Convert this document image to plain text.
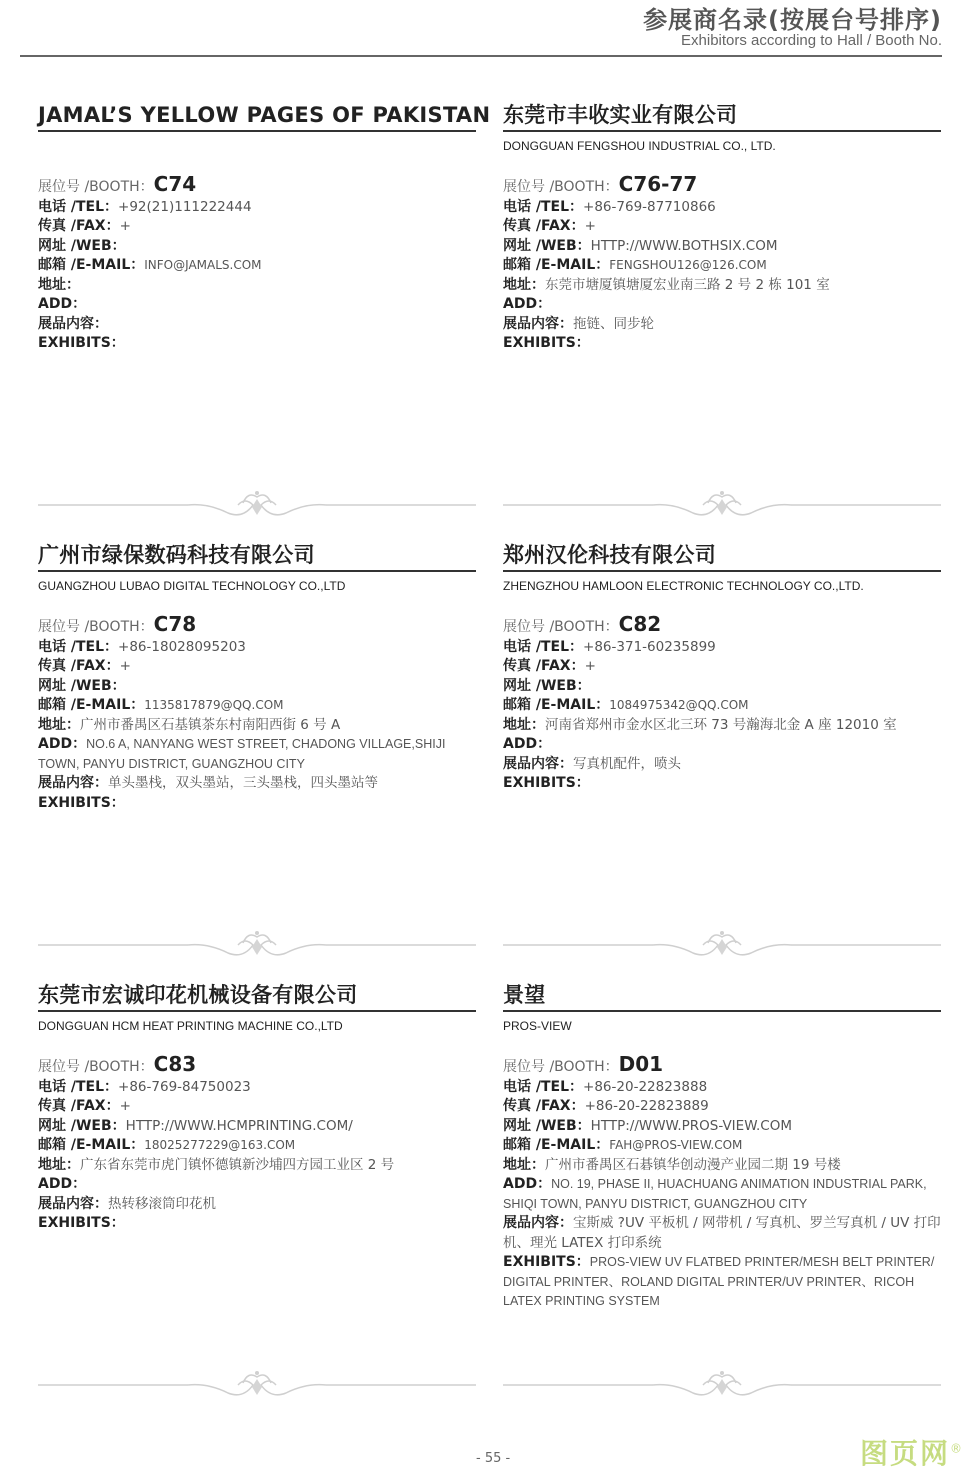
参展商名录(按展台号排序)
Exhibitors according to Hall / Booth No.
JAMAL’S YELLOW PAGES OF PAKISTAN
展位号 /BOOTH：C74
电话 /TEL：+92(21)111222444
传真 /FAX：+
网址 /WEB：
邮箱 /E-MAIL：INFO@JAMALS.COM
地址：
ADD：
展品内容：
EXHIBITS：
东莞市丰收实业有限公司
DONGGUAN FENGSHOU INDUSTRIAL CO., LTD.
展位号 /BOOTH：C76-77
电话 /TEL：+86-769-87710866
传真 /FAX：+
网址 /WEB：HTTP://WWW.BOTHSIX.COM
邮箱 /E-MAIL：FENGSHOU126@126.COM
地址：东莞市塘厦镇塘厦宏业南三路 2 号 2 栋 101 室
ADD：
展品内容：拖链、同步轮
EXHIBITS：
广州市绿保数码科技有限公司
GUANGZHOU LUBAO DIGITAL TECHNOLOGY CO.,LTD
展位号 /BOOTH：C78
电话 /TEL：+86-18028095203
传真 /FAX：+
网址 /WEB：
邮箱 /E-MAIL：1135817879@QQ.COM
地址：广州市番禺区石基镇茶东村南阳西街 6 号 A
ADD：NO.6 A, NANYANG WEST STREET, CHADONG VILLAGE,SHIJI TOWN, PANYU DISTRICT, GUANGZHOU CITY
展品内容：单头墨栈，双头墨站，三头墨栈，四头墨站等
EXHIBITS：
郑州汉伦科技有限公司
ZHENGZHOU HAMLOON ELECTRONIC TECHNOLOGY CO.,LTD.
展位号 /BOOTH：C82
电话 /TEL：+86-371-60235899
传真 /FAX：+
网址 /WEB：
邮箱 /E-MAIL：1084975342@QQ.COM
地址：河南省郑州市金水区北三环 73 号瀚海北金 A 座 12010 室
ADD：
展品内容：写真机配件，喷头
EXHIBITS：
东莞市宏诚印花机械设备有限公司
DONGGUAN HCM HEAT PRINTING MACHINE CO.,LTD
展位号 /BOOTH：C83
电话 /TEL：+86-769-84750023
传真 /FAX：+
网址 /WEB：HTTP://WWW.HCMPRINTING.COM/
邮箱 /E-MAIL：18025277229@163.COM
地址：广东省东莞市虎门镇怀德镇新沙埔四方园工业区 2 号
ADD：
展品内容：热转移滚筒印花机
EXHIBITS：
景望
PROS-VIEW
展位号 /BOOTH：D01
电话 /TEL：+86-20-22823888
传真 /FAX：+86-20-22823889
网址 /WEB：HTTP://WWW.PROS-VIEW.COM
邮箱 /E-MAIL：FAH@PROS-VIEW.COM
地址：广州市番禺区石碁镇华创动漫产业园二期 19 号楼
ADD：NO. 19, PHASE II, HUACHUANG ANIMATION INDUSTRIAL PARK, SHIQI TOWN, PANYU DISTRICT, GUANGZHOU CITY
展品内容：宝斯威 ?UV 平板机 / 网带机 / 写真机、罗兰写真机 / UV 打印机、理光 LATEX 打印系统
EXHIBITS：PROS-VIEW UV FLATBED PRINTER/MESH BELT PRINTER/ DIGITAL PRINTER、ROLAND DIGITAL PRINTER/UV PRINTER、RICOH LATEX PRINTING SYSTEM
- 55 -	图页网®
